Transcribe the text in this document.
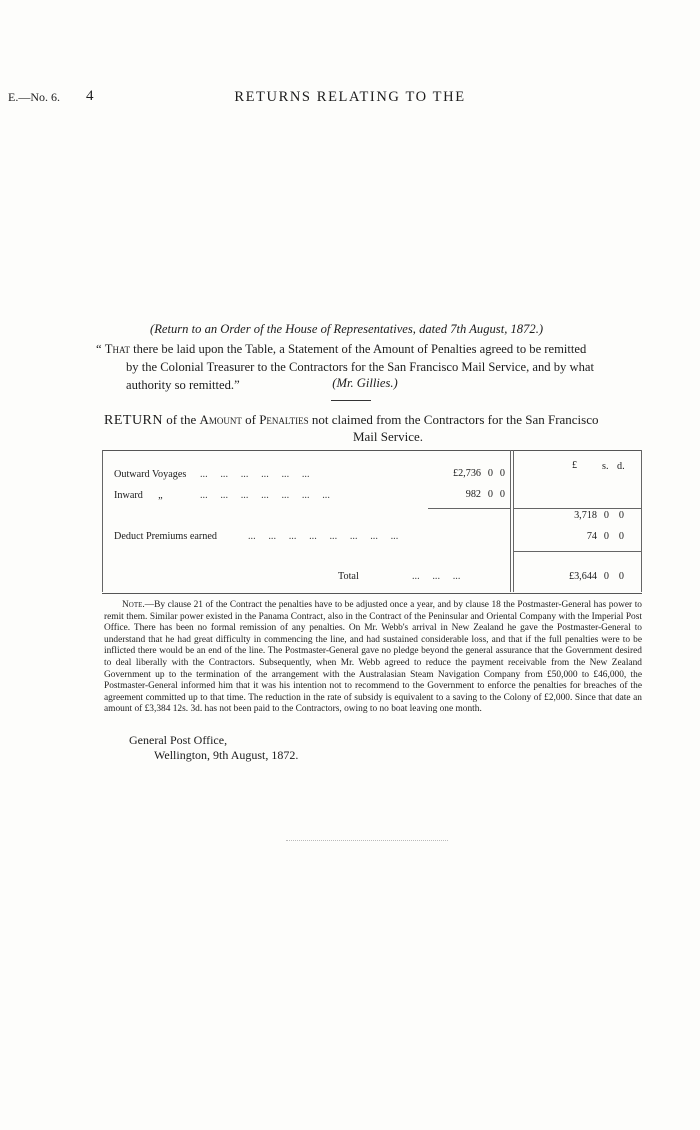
E.—No. 6. 4	RETURNS RELATING TO THE
(Return to an Order of the House of Representatives, dated 7th August, 1872.)
“ That there be laid upon the Table, a Statement of the Amount of Penalties agreed to be remitted
by the Colonial Treasurer to the Contractors for the San Francisco Mail Service, and by what
authority so remitted.”	(Mr. Gillies.)
RETURN of the Amount of Penalties not claimed from the Contractors for the San Francisco
Mail Service.
£ s. d.
Outward Voyages ...     ...     ...     ...     ...     ...	£2,736 0 0
Inward      „	...     ...     ...     ...     ...     ...     ...	982 0 0
3,718 0 0
Deduct Premiums earned	...     ...     ...     ...     ...     ...     ...     ...	74 0 0
Total	...     ...     ...	£3,644 0 0
Note.—By clause 21 of the Contract the penalties have to be adjusted once a year, and by clause 18 the Postmaster-General has power to remit them. Similar power existed in the Panama Contract, also in the Contract of the Peninsular and Oriental Company with the Imperial Post Office. There has been no formal remission of any penalties. On Mr. Webb's arrival in New Zealand he gave the Postmaster-General to understand that he had great difficulty in commencing the line, and had sustained considerable loss, and that if the full penalties were to be inflicted there would be an end of the line. The Postmaster-General gave no pledge beyond the general assurance that the Government desired to deal liberally with the Contractors. Subsequently, when Mr. Webb agreed to reduce the payment receivable from the New Zealand Government up to the termination of the arrangement with the Australasian Steam Navigation Company from £50,000 to £46,000, the Postmaster-General informed him that it was his intention not to recommend to the Government to enforce the penalties for breaches of the agreement committed up to that time. The reduction in the rate of subsidy is equivalent to a saving to the Colony of £2,000. Since that date an amount of £3,384 12s. 3d. has not been paid to the Contractors, owing to no boat leaving one month.
General Post Office,
Wellington, 9th August, 1872.
